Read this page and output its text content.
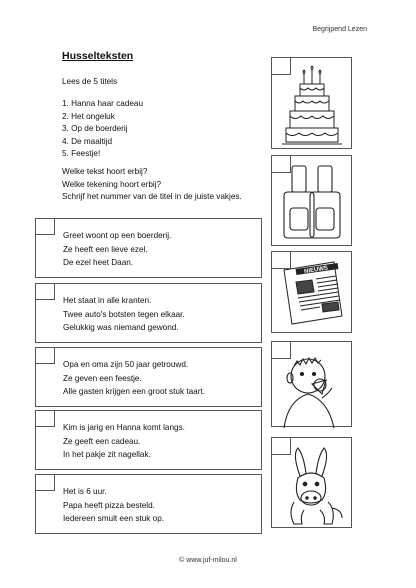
Begrijpend Lezen
Husselteksten
Lees de 5 titels
1. Hanna haar cadeau
2. Het ongeluk
3. Op de boerderij
4. De maaltijd
5. Feestje!
Welke tekst hoort erbij?
Welke tekening hoort erbij?
Schrijf het nummer van de titel in de juiste vakjes.
Greet woont op een boerderij.
Ze heeft een lieve ezel.
De ezel heet Daan.
Het staat in alle kranten.
Twee auto's botsten tegen elkaar.
Gelukkig was niemand gewond.
Opa en oma zijn 50 jaar getrouwd.
Ze geven een feestje.
Alle gasten krijgen een groot stuk taart.
Kim is jarig en Hanna komt langs.
Ze geeft een cadeau.
In het pakje zit nagellak.
Het is 6 uur.
Papa heeft pizza besteld.
Iedereen smult een stuk op.
NIEUWS
© www.juf-milou.nl
